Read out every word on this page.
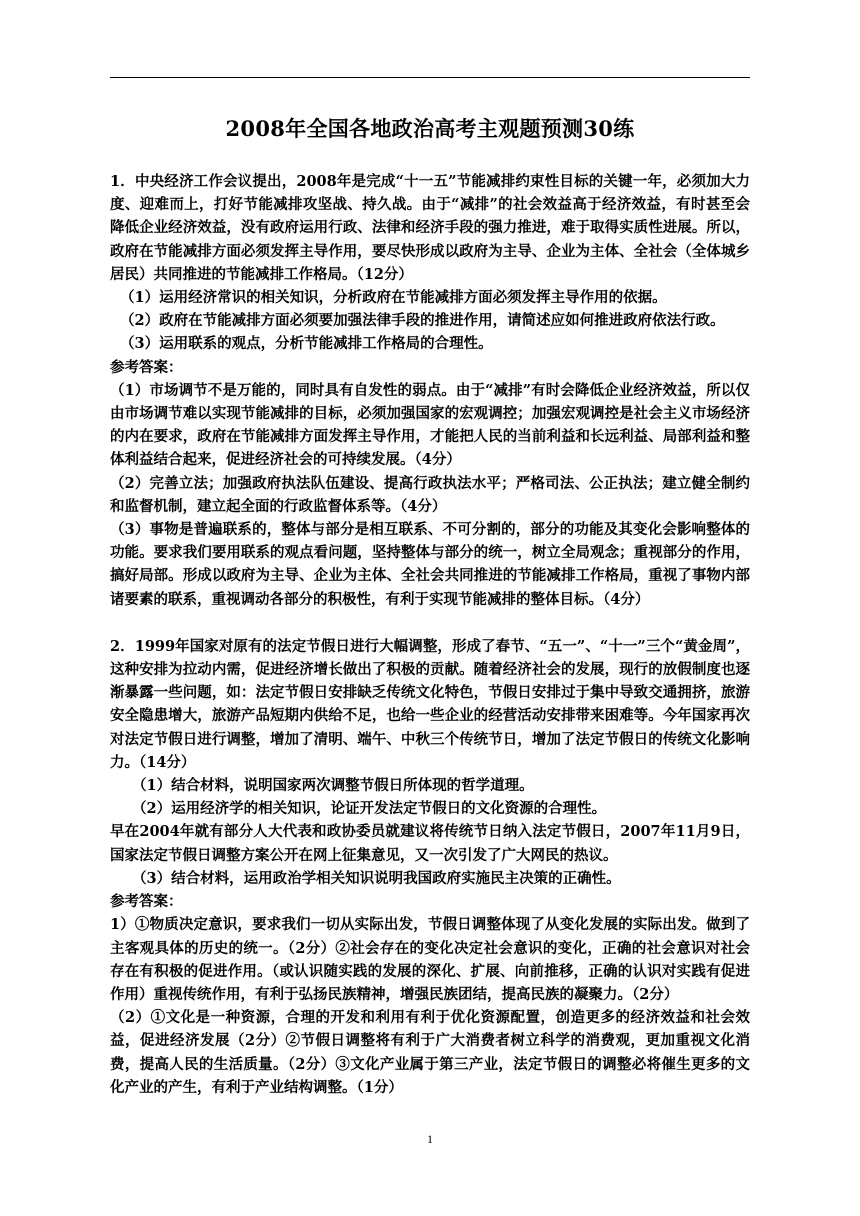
2008年全国各地政治高考主观题预测30练

1．中央经济工作会议提出，2008年是完成“十一五”节能减排约束性目标的关键一年，必须加大力度、迎难而上，打好节能减排攻坚战、持久战。由于“减排”的社会效益高于经济效益，有时甚至会降低企业经济效益，没有政府运用行政、法律和经济手段的强力推进，难于取得实质性进展。所以，政府在节能减排方面必须发挥主导作用，要尽快形成以政府为主导、企业为主体、全社会（全体城乡居民）共同推进的节能减排工作格局。（12分）

（1）运用经济常识的相关知识，分析政府在节能减排方面必须发挥主导作用的依据。

（2）政府在节能减排方面必须要加强法律手段的推进作用，请简述应如何推进政府依法行政。

（3）运用联系的观点，分析节能减排工作格局的合理性。

参考答案：

（1）市场调节不是万能的，同时具有自发性的弱点。由于“减排”有时会降低企业经济效益，所以仅由市场调节难以实现节能减排的目标，必须加强国家的宏观调控；加强宏观调控是社会主义市场经济的内在要求，政府在节能减排方面发挥主导作用，才能把人民的当前利益和长远利益、局部利益和整体利益结合起来，促进经济社会的可持续发展。（4分）

（2）完善立法；加强政府执法队伍建设、提高行政执法水平；严格司法、公正执法；建立健全制约和监督机制，建立起全面的行政监督体系等。（4分）

（3）事物是普遍联系的，整体与部分是相互联系、不可分割的，部分的功能及其变化会影响整体的功能。要求我们要用联系的观点看问题，坚持整体与部分的统一，树立全局观念；重视部分的作用，搞好局部。形成以政府为主导、企业为主体、全社会共同推进的节能减排工作格局，重视了事物内部诸要素的联系，重视调动各部分的积极性，有利于实现节能减排的整体目标。（4分）

2．1999年国家对原有的法定节假日进行大幅调整，形成了春节、“五一”、“十一”三个“黄金周”，这种安排为拉动内需，促进经济增长做出了积极的贡献。随着经济社会的发展，现行的放假制度也逐渐暴露一些问题，如：法定节假日安排缺乏传统文化特色，节假日安排过于集中导致交通拥挤，旅游安全隐患增大，旅游产品短期内供给不足，也给一些企业的经营活动安排带来困难等。今年国家再次对法定节假日进行调整，增加了清明、端午、中秋三个传统节日，增加了法定节假日的传统文化影响力。（14分）

（1）结合材料，说明国家两次调整节假日所体现的哲学道理。

（2）运用经济学的相关知识，论证开发法定节假日的文化资源的合理性。

早在2004年就有部分人大代表和政协委员就建议将传统节日纳入法定节假日，2007年11月9日，国家法定节假日调整方案公开在网上征集意见，又一次引发了广大网民的热议。

（3）结合材料，运用政治学相关知识说明我国政府实施民主决策的正确性。

参考答案：

1）①物质决定意识，要求我们一切从实际出发，节假日调整体现了从变化发展的实际出发。做到了主客观具体的历史的统一。（2分）②社会存在的变化决定社会意识的变化，正确的社会意识对社会存在有积极的促进作用。（或认识随实践的发展的深化、扩展、向前推移，正确的认识对实践有促进作用）重视传统作用，有利于弘扬民族精神，增强民族团结，提高民族的凝聚力。（2分）

（2）①文化是一种资源，合理的开发和利用有利于优化资源配置，创造更多的经济效益和社会效益，促进经济发展（2分）②节假日调整将有利于广大消费者树立科学的消费观，更加重视文化消费，提高人民的生活质量。（2分）③文化产业属于第三产业，法定节假日的调整必将催生更多的文化产业的产生，有利于产业结构调整。（1分）

1
